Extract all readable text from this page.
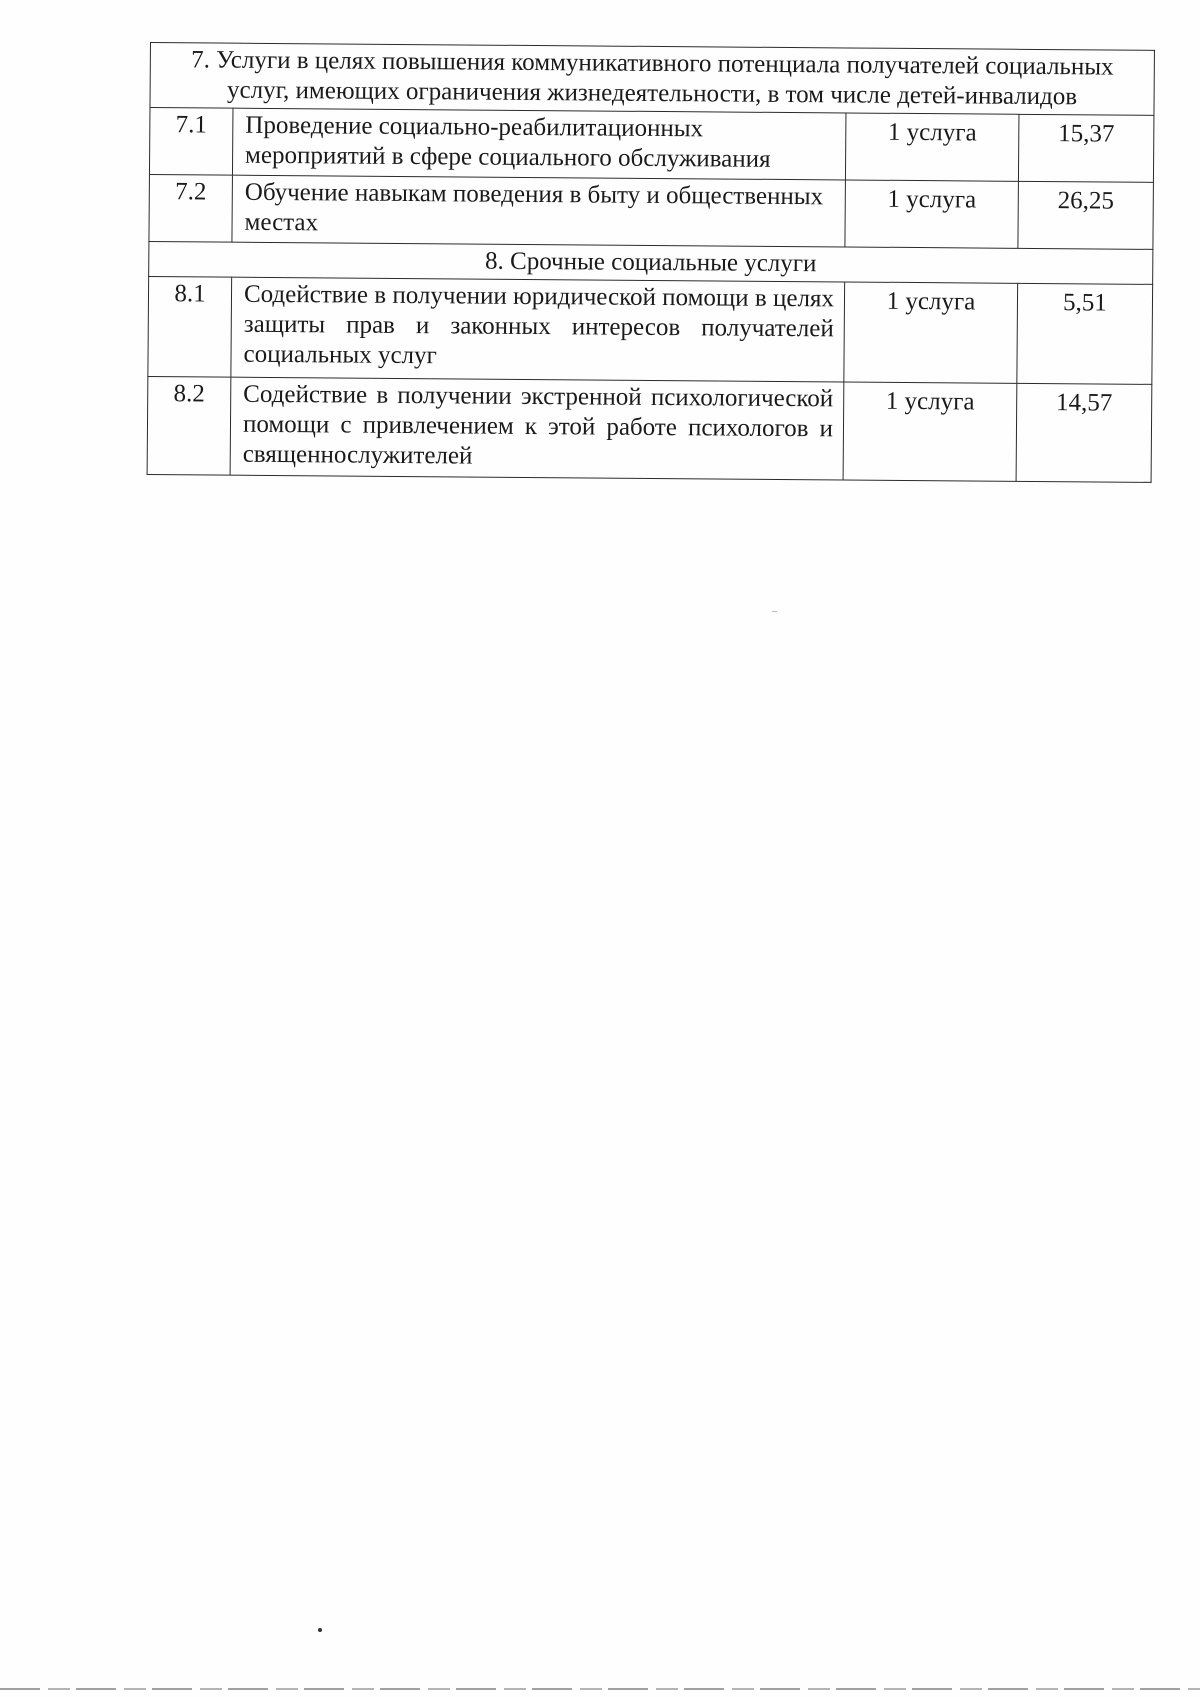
7. Услуги в целях повышения коммуникативного потенциала получателей социальных услуг, имеющих ограничения жизнедеятельности, в том числе детей-инвалидов			
7.1	Проведение социально-реабилитационных мероприятий в сфере социального обслуживания	1 услуга	15,37
7.2	Обучение навыкам поведения в быту и общественных местах	1 услуга	26,25
8. Срочные социальные услуги			
8.1	Содействие в получении юридической помощи в целях защиты прав и законных интересов получателей социальных услуг	1 услуга	5,51
8.2	Содействие в получении экстренной психологической помощи с привлечением к этой работе психологов и священнослужителей	1 услуга	14,57
